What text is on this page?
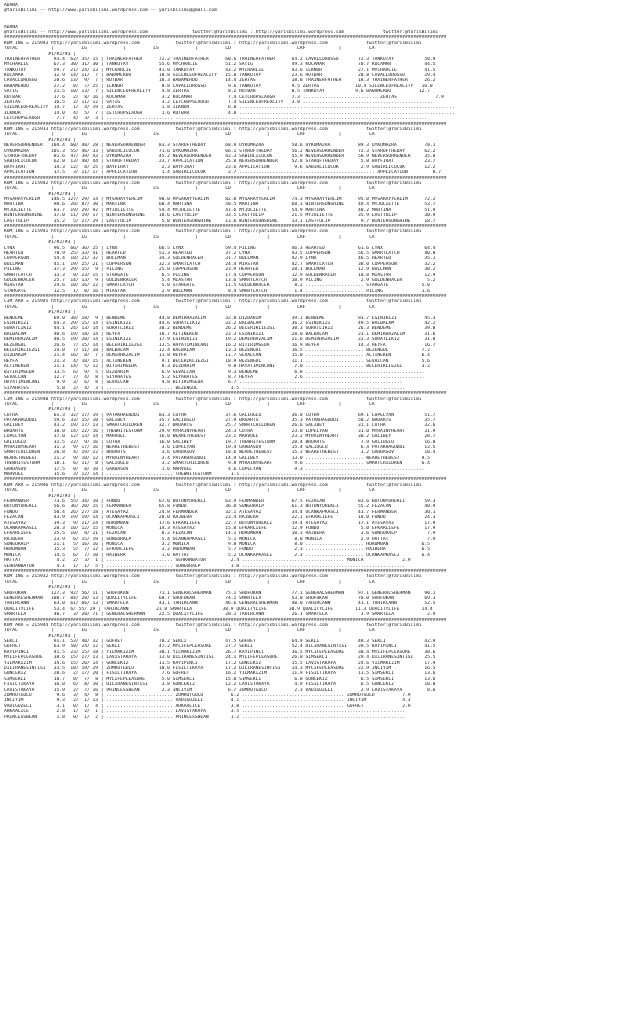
ADANA
@YarisBilimi -- http://www.yarisbilimi.wordpress.com -- yarisbilimi@gmail.com
ADANA
@YarisBilimi -- http://www.yarisbilimi.wordpress.com                twitter:@YarisBilimi : http://yarisbilimi.wordpress.com              twitter:@YarisBilimi
################################################################################################################################################################
KUM ING = 215943 http://yarisbilimi.wordpress.com             twitter:@YarisBilimi : http://yarisbilimi.wordpress.com              twitter:@YarisBilimi
TOTAL            |          LG             |          LS             |          LD             |          LRF            |          LA
#1/#2/#3 |
TRAINERFATHER     93.4  62/ 35/ 15 | TRAINERFATHER      72.2 TRAINERFATHER      60.6 TRAINERFATHER      64.2 CAVALLOROSSO       72.3 TANKUTAY           50.9
MYCHARLIE         67.3  30/ 31/ 30 | TANKUTAY           55.6 MYCHARLIE          51.2 SATIG              49.3 KOCAMAR            70.7 KOCAMAR            44.5
TANKUTAY          59.7  21/ 24/ 23 | MYCHARLIE          41.0 TANKUTAY           43.2 MYCHARLIE          43.6 ILKNUR             27.1 MYCHARLIE          41.5
KOCAMAR           32.9  14/ 11/  7 | BABAMERDO          18.8 SILENCEOFREALITY   15.8 TANKUTAY           23.6 RUTBAR             20.8 CAVALLOROSSO       29.4
CAVALLOROSSO      28.6  13/  9/  7 | RUTBAR             18.3 BABAMERDO          14.4 ZERTAS             18.8 TRAINERFATHER      18.3 TRAINERFATHER      26.2
BABAMERDO         27.2   8/  7/ 25 | ILKNUR              8.8 CAVALLOROSSO        9.6 TANKUTAY           9.5 ZERTAS             10.4 SILENCEOFREALITY   16.0
SATIG             21.5  10/ 13/  7 | SILENCEOFREALITY    4.8 ZERTAS              8.2 RUTBAR             8.5 TANKUTAY           9.6 BABAMERDO          12.7
RUTBAR            17.6   2/  8/ 16 | KOCAMAR             3.2 KOCAMAR             7.4 LETCHOPSLAUGH      7.3 ........................... ZERTAS              7.9
ZERTAS            16.5   2/ 11/ 12 | SATIG               3.2 LETCHOPSLAUGH       7.4 SILENCEOFREALITY   3.8 ...............................................
SILENCEOFREALITY  14.7   1/  4/ 19 | ZERTAS              1.8 ILKNUR              6.8 ..............................................................................
ILKNUR            14.0   4/  5/  7 | LETCHOPSLAUGH       1.6 RUTBAR              4.8 ..............................................................................
LETCHOPSLAUGH      7.7   4/  3/  3 | ........................ ...........................................................................................
################################################################################################################################################################
KUM ING = 215933 http://yarisbilimi.wordpress.com             twitter:@YarisBilimi : http://yarisbilimi.wordpress.com              twitter:@YarisBilimi
TOTAL            |          LG             |          LS             |          LD             |          LRF            |          LA
#1/#2/#3 |
NEVERSORRENDER   104.4  60/ 48/ 28 | NEVERSORRENDER     83.3 STAROFTHEDAY       68.9 OYKUMAZRA          58.6 OYKUMAZRA          89.3 OYKUMAZRA          70.1
OYKUMAZRA        101.3  55/ 46/ 33 | SABIRLICOCUK       71.6 OYKUMAZRA          66.1 STAROFTHEDAY       56.2 NEVERSORRENDER     72.3 STAROFTHEDAY       62.2
STAROFTHEDAY      81.6  47/ 39/ 43 | OYKUMAZRA          45.2 NEVERSORRENDER     42.3 SABIRLICOCUK       55.9 NEVERSORRENDER     58.9 NEVERSORRENDER     35.8
SABIRLICOCUK      62.0  13/ 48/ 44 | STAROFTHEDAY       23.7 APPLICATION        25.8 NEVERSORRENDER     52.8 STAROFTHEDAY        5.8 BAYFIRAT           23.7
BAYFIRAT          34.3  12/  8/ 25 | BAYFIRAT            2.3 BAYFIRAT           23.6 APPLICATION         9.6 SABIRLICOCUK        2.9 SABIRLICOCUK       12.2
APPLICATION       17.5   3/ 11/ 17 | APPLICATION         1.4 SABIRLICOCUK        2.7 ................................................. APPLICATION         8.7
################################################################################################################################################################
KUM ING = 215942 http://yarisbilimi.wordpress.com             twitter:@YarisBilimi : http://yarisbilimi.wordpress.com              twitter:@YarisBilimi
TOTAL            |          LG             |          LS             |          LD             |          LRF            |          LA
#1/#2/#3 |
MYSARAYYERLIM    146.5 127/ 29/ 14 | MYSARAYYERLIM      90.0 MYSARAYYERLIM      82.0 MYSARAYYERLIM      74.3 MYSARAYYERLIM      95.0 MYSARAYYERLIM      72.2
MARTINA           98.6  28/ 87/ 30 | MARTINA            60.4 MARTINA            58.5 MARTINA            68.1 WINTERSUNSHINE     49.4 MYJULIETTE         53.7
MYJULIETTE        83.7  19/ 29/ 92 | MYJULIETTE         54.4 MYJULIETTE         41.6 MYJULIETTE         54.9 MARTINA            40.2 MARTINA            51.9
WINTERSUNSHINE    37.0  11/ 19/ 17 | WINTERSUNSHINE     18.6 LASTTULIP          33.5 LASTTULIP          21.5 MYJULIETTE         35.9 LASTTULIP          30.9
LASTTULIP         35.2   5/ 27/ 29 | LASTTULIP           5.0 WINTERSUNSHINE     13.6 WINTERSUNSHINE     13.1 LASTTULIP           9.7 WINTERSUNSHINE     18.7
################################################################################################################################################################
KUM ING = 215941 http://yarisbilimi.wordpress.com             twitter:@YarisBilimi : http://yarisbilimi.wordpress.com              twitter:@YarisBilimi
TOTAL            |          LG             |          LS             |          LD             |          LRF            |          LA
#1/#2/#3 |
LYNX              96.5  66/ 36/ 25 | LYNX               66.5 LYNX               59.4 PILING             46.3 HEARTED            61.6 LYNX               64.4
HEARTED           70.9  25/ 33/ 41 | HEARTED            51.3 HEARTED            37.2 LYNX               43.5 COPPERSON          56.5 SMARTLATCH         40.8
COPPERSON         54.4  18/ 21/ 32 | BULLMAN            34.3 GOLDENRACER        31.7 BULLMAN            42.9 LYNX               46.5 HEARTED            35.1
BULLMAN           45.1  19/ 25/ 21 | COPPERSON          32.3 SMARTLATCH         24.4 MIASTAR            42.7 SMARTLATCH         38.0 COPPERSON          32.2
PILING            37.3  29/ 15/  9 | PILING             25.0 COPPERSON          23.9 HEARTED            20.1 BULLMAN            12.9 BULLMAN            30.2
SMARTLATCH        33.3   8/ 23/ 15 | STARGATE            6.5 PILING             17.4 COPPERSON          12.9 GOLDENRACER        10.8 MIASTAR            12.9
GOLDENRACER       25.7  14/ 13/  9 | GOLDENRACER         5.4 MIASTAR            13.6 SMARTLATCH         10.9 PILING              2.9 GOLDENRACER         5.2
MIASTAR           24.6  10/ 16/ 22 | SMARTLATCH          5.0 STARGATE           11.5 GOLDENRACER         8.2 ..................... STARGATE            5.0
STARGATE          12.5   1/  8/ 16 | MIASTAR             2.9 BULLMAN             8.4 SMARTLATCH          1.4 ..................... PILING              1.6
################################################################################################################################################################
CIM ARA = 215945 http://yarisbilimi.wordpress.com             twitter:@YarisBilimi : http://yarisbilimi.wordpress.com              twitter:@YarisBilimi
TOTAL            |          LG             |          LS             |          LD             |          LRF            |          LA
#1/#2/#3 |
BENDEME           69.0  38/ 18/  9 | BENDEME            44.8 DEMIRHAZALIM       32.8 DIZDARIM           39.1 BENDEME            93.7 ESINIKIZI          45.3
ESINIKIZI         64.3  29/ 15/ 14 | ESINIKIZI          44.6 SURATLIKIZ         32.2 BALBALAM           36.2 ESINIKIZI          49.5 BALBALAM           42.2
SURATLIKIZ        44.1  24/ 13/ 14 | SURATLIKIZ         30.2 BENDEME            26.2 BECERIKLIEZGI      30.3 SURATLIKIZ         26.3 BENDEME            39.8
BALBALAM          40.6  19/ 18/ 14 | HEYFA              18.7 ALTINEKEN          23.3 ESINIKIZI          28.0 BALBALAM           23.1 DEMIRHAZALIM       31.6
DEMIRHAZALIM      40.5  19/ 20/ 14 | ESINIKIZI          17.9 ESINIKIZI          19.2 DEMIRHAZALIM       21.6 DEMIRHAZALIM       22.3 SURATLIKIZ         31.0
BEZENGUL          26.6   7/ 15/ 14 | BECERIKLIEZGI      13.5 HAYATIMINCANI      16.2 BITIRIMSEDA        16.9 HEYFA              14.3 HEYFA              16.7
BECERIKLIEZGI     24.0   7/ 11/ 18 | BALBALAM           12.4 BALBALAM           13.3 BEZENGUL           16.5 ..................... BEZENGUL            7.2
DIZDARIM          21.4  16/  8/  7 | DEMIRHAZALIM       11.8 HEYFA              11.7 SEVALCAN           15.0 ..................... ALTINEKEN           6.4
HEYFA             21.3   4/ 10/ 15 | ALTINEKEN           9.1 BECERIKLIEZGI      10.9 BEZENGUL           11.1 ..................... SEVALCAN            5.6
ALTINEKEN         21.1  14/  5/ 12 | BITIRIMSEDA         8.3 DIZDARIM            9.8 HAYATIMINCANI       7.0 ..................... BECERIKLIEZGI       3.2
BITIRIMSEDA       13.5   6/  9/  5 | DIZDARIM            6.9 SEVALCAN            9.3 BENDEME             6.8 ...........................................
SEVALCAN          12.7   7/  4/  8 | SIYAHATES           5.2 SIYAHATES           8.7 HEYFA               2.6 ...........................................
HAYATIMINCANI      9.9   3/  6/  8 | SEVALCAN            4.8 BITIRIMSEDA         6.7 ...........................................................
SIYAHATES          5.8   2/  4/  3 | ........................ BEZENGUL            3.5 ...........................................................
################################################################################################################################################################
CIM ING = 215940 http://yarisbilimi.wordpress.com             twitter:@YarisBilimi : http://yarisbilimi.wordpress.com              twitter:@YarisBilimi
TOTAL            |          LG             |          LS             |          LD             |          LRF            |          LA
#1/#2/#3 |
CUTHA             61.3  32/ 17/ 19 | PATAKHAGUDDI       83.3 CUTHA              37.6 GALIOGLU           36.8 CUTHA              69.1 LUPELYAN           51.7
PATAKHAGUDDI      59.6  33/ 15/ 10 | GALIBEY            35.7 GALIOGLU           27.9 BROARTS            35.3 PATAKHAGUDDI       50.2 BROARTS            35.7
GALIBEY           43.2  19/ 17/ 13 | SMARTCHILDREN      32.7 BROARTS            25.7 SMARTCHILDREN      26.6 GALIBEY            31.1 CUTHA              32.6
BROARTS           38.0  14/ 22/ 16 | THEWHITESTORM      29.9 MYRAINYHEART       24.3 CUTHA              23.8 LUPELYAN           31.0 MYRAINYHEART       31.9
LUPELYAN          37.0  12/ 13/ 14 | MARVOEL            16.0 WEARETHEBEST       23.1 MARVOEL            23.2 MYRAINYHEART       30.2 GALIBEY            20.7
GALIOGLU          31.5  22/  9/ 16 | CUTHA              16.0 GALIBEY            19.7 THEWHITESTORM      20.4 BROARTS             7.9 GALIOGLU           16.8
MYRAINYHEART      31.3   9/ 17/ 16 | WEARETHEBEST        3.6 LUPELYAN           19.4 GARDASOV           15.4 GALIOGLU            6.4 PATAKHAGUDDI       13.5
SMARTCHILDREN     26.8   4/ 19/ 22 | BROARTS             3.6 GARDASOV           18.6 WEARETHEBEST       15.3 WEARETHEBEST        3.2 GARDASOV           10.4
WEARETHEBEST      21.2   9/ 10/ 12 | MYRAINYHEART        3.4 PATAKHAGUDDI       14.9 GALIBEY            13.0 ..................... WEARETHEBEST        9.5
THEWHITESTORM     18.1   6/ 11/  8 | GALIOGLU            3.2 SMARTCHILDREN       9.8 MYRAINYHEART        9.6 ..................... SMARTCHILDREN       6.4
GARDASOV          17.5   8/  8/ 10 | GARDASOV            1.6 MARVOEL             4.6 LUPELYAN            9.3 ...........................................
MARVOEL           15.6   3/ 12/ 14 | ........................ THEWHITESTORM       1.1 ...........................................................
################################################################################################################################################################
KUM ARA = 215946 http://yarisbilimi.wordpress.com             twitter:@YarisBilimi : http://yarisbilimi.wordpress.com              twitter:@YarisBilimi
TOTAL            |          LG             |          LS             |          LD             |          LRF            |          LA
#1/#2/#3 |
FERMANDER         73.6  55/ 34/ 10 | FUNDO              67.0 BUTUNYUREKLI       63.9 FERMANDER          67.5 FEZACAN            83.6 BUTUNYUREKLI       59.3
BUTUNYUREKLI      56.6  36/ 20/ 15 | FERMANDER          65.8 FUNDO              36.0 SUNGURALP          61.3 BUTUNYUREKLI       55.2 FEZACAN            40.9
FUNDO             50.4  26/ 27/ 18 | ATESAYAZ           24.8 FERMANDER          32.1 ATESAYAZ           34.4 UCANKAPKASLI       43.7 FERMANDER          30.1
FEZACAN           43.9  19/ 19/ 14 | UCANKAPKASLI       20.0 RAJBERA            23.4 RAJBERA            22.1 EFKARLIEFE         18.0 FUNDO              24.3
ATESAYAZ          39.3   9/ 21/ 24 | HURUMBAN           17.6 EFKARLIEFE         22.7 BUTUNYUREKLI       19.4 ATESAYAZ           17.1 ATESAYAZ           17.9
UCANKAPKASLI      28.3  10/ 12/ 15 | MONICA             14.3 ATESAYAZ           15.8 EFKARLIEFE         12.9 FUNDO               5.0 EFKARLIEFE         17.9
EFKARLIEFE        25.5  10/  8/ 21 | FEZACAN             8.2 FEZACAN            14.1 HURUMBAN           10.3 RAJBERA             3.6 SUNGURALP           7.9
RAJBERA           23.9   6/ 15/ 19 | SUNGURALP           5.4 UCANKAPKASLI        5.1 MONICA              8.0 MONICA              2.9 HATTAT              7.9
SUNGURALP         21.1   5/ 16/ 16 | MONICA              3.2 MONICA              9.8 MONICA              8.0 ..................... HURUMBAN            6.5
HURUMBAN          15.3   5/  7/ 12 | EFKARLIEFE          3.2 HURUMBAN            5.7 FUNDO               2.3 ..................... RAJBERA             6.5
MONICA            14.5   6/  7/ 10 | RAJBERA             1.6 HATTAT              5.2 UCANKAPKASLI        2.3 ..................... UCANKAPKASLI        6.4
HATTAT             4.2   2/  3/  1 | ........................ SEHRANBATUR         2.4 ..................................... MONICA              2.9
SEHRANBATUR        4.1   1/  1/  5 | ........................ SUNGURALP           1.0 ...........................................................
################################################################################################################################################################
KUM ING = 215932 http://yarisbilimi.wordpress.com             twitter:@YarisBilimi : http://yarisbilimi.wordpress.com              twitter:@YarisBilimi
TOTAL            |          LG             |          LS             |          LD             |          LRF            |          LA
#1/#2/#3 |
SHOFUKAN         127.3  92/ 56/ 11 | SHOFUKAN           71.1 GENERALSHERMAN     75.1 SHOFUKAN           77.1 GENERALSHERMAN     97.1 GENERALSHERMAN     90.1
GENERALSHERMAN   108.7  84/ 28/ 13 | QUALITYLIFE        68.7 SHOFUKAN           74.1 SMARTELA           53.0 SHOFUKAN           70.0 SHOFUKAN           69.3
TAHIRCANN         63.0  61/ 66/ 13 | SMARTELA           43.1 TAHIRCANN          46.6 GENERALSHERMAN     40.0 TAHIRCANN          41.1 TAHIRCANN          52.5
QUALITYLIFE       53.4  6/ 55/ 29 | TAHIRCANN          23.8 SMARTELA           38.9 QUALITYLIFE        38.9 QUALITYLIFE        11.3 QUALITYLIFE        14.4
SMARTELA          40.7   3/ 20/ 71 | GENERALSHERMAN     22.5 QUALITYLIFE        20.1 TAHIRCANN          26.1 SMARTELA            3.9 SMARTELA            2.9
################################################################################################################################################################
KUM ARA = 215944 http://yarisbilimi.wordpress.com             twitter:@YarisBilimi : http://yarisbilimi.wordpress.com              twitter:@YarisBilimi
TOTAL            |          LG             |          LS             |          LD             |          LRF            |          LA
#1/#2/#3 |
SEKLI             91.1  53/ 40/ 32 | GOFRET             78.2 SEKLI              47.5 GOFRET             64.9 SEKLI              48.3 SEKLI              42.9
GOFRET            63.9  50/ 24/ 12 | SEKLI              47.2 MYLIFEPLEASURE     27.7 SEKLI              52.4 DILIRANESINTISI    39.5 KAYIPINCI          41.5
KAYIPINCI         41.5  23/ 15/ 18 | YILMAKIZIM         30.1 YILMAKIZIM         26.7 KAYIPINCI          36.5 MYLIFEPLEASURE     30.4 MYLIFEPLEASURE     30.6
MYLIFEPLEASURE    38.6  15/ 27/ 13 | LAVISTAKAYA        13.0 DILIRANESINTISI    24.1 MYLIFEPLEASURE     26.0 SIMSEKLI           29.4 DILIRANESINTISI    25.5
YILMAKIZIM        34.6  15/ 20/ 14 | GUNCEKIZ           11.5 KAYIPINCI          17.2 GUNCEKIZ           15.5 LAVISTAKAYA        24.6 YILMAKIZIM         17.9
DILIRANESINTISI   33.5  10/ 19/ 29 | ZUMRUTGOLU         10.0 FISILTIKAYA        17.2 DILIRANESINTISI    14.3 MYLIFEPLEASURE     22.9 INCIYIM            16.5
GUNCEKIZ          20.6   2/ 17/ 20 | FISILTIKAYA         7.6 GOFRET             16.2 YILMAKIZIM         11.9 FISILTIKAYA        11.5 SIMSEKLI           13.6
SIMSEKLI          18.7   8/  7/  8 | MYLIFEPLEASURE      5.0 SIMSEKLI           15.0 SIMSEKLI            6.8 GUNCEKIZ            6.5 SIMSEKLI           13.6
FISILTIKAYA       16.0   6/  8/ 10 | DILIRANESINTISI     3.8 GUNCEKIZ           12.2 LAVISTAKAYA         4.9 FISILTIKAYA         6.5 GUNCEKIZ           10.0
LAVISTAKAYA       15.9   2/  7/ 16 | PRINCESSBEAN        2.3 INCIYIM             6.7 ZUMRUTGOLU          2.3 VADIGUZELI          2.9 LAVISTAKAYA         8.6
ZUMRUTGOLU         9.6   3/  4/  8 | ........................ ZUMRUTGOLU          6.2 ..................................... ZUMRUTGOLU          7.9
INCIYIM            9.3   2/  1/ 13 | ........................ VADIGUZELI          4.1 ..................................... INCIYIM             4.3
VADIGUZELI         3.1   0/  1/  4 | ........................ ARKAALICE           3.8 ..................................... GOFRET              2.9
ARKAALICE          2.8   1/  2/  1 | ........................ LAVISTAKAYA         3.5 ...........................................................
PRINCESSBEAN       1.8   0/  1/  2 | ........................ PRINCESSBEAN        1.2 ...........................................................
